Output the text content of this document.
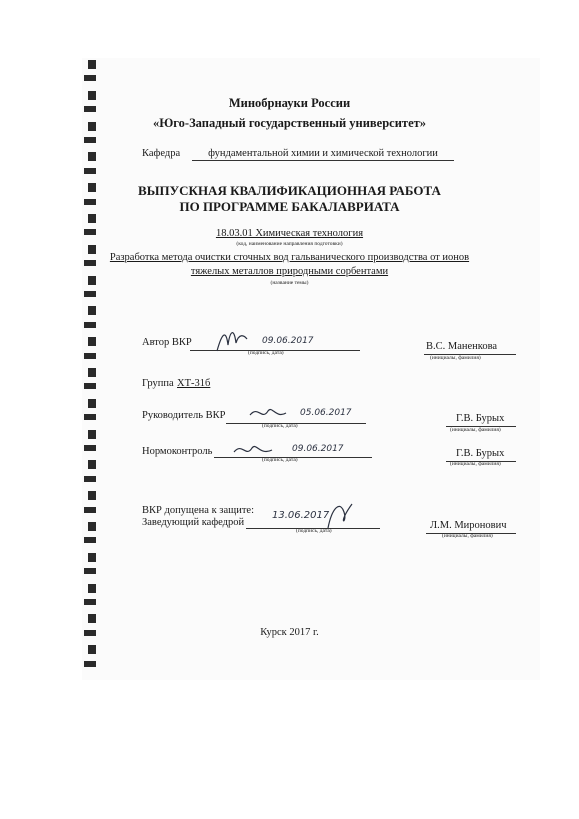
Минобрнауки России
«Юго-Западный государственный университет»
Кафедра	фундаментальной химии и химической технологии
ВЫПУСКНАЯ КВАЛИФИКАЦИОННАЯ РАБОТА
ПО ПРОГРАММЕ БАКАЛАВРИАТА
18.03.01 Химическая технология
(код, наименование направления подготовки)
Разработка метода очистки сточных вод гальванического производства от ионов
тяжелых металлов природными сорбентами
(название темы)
Автор ВКР	09.06.2017
(подпись, дата)
В.С. Маненкова
(инициалы, фамилия)
Группа ХТ-31б
Руководитель ВКР	05.06.2017
(подпись, дата)
Г.В. Бурых
(инициалы, фамилия)
Нормоконтроль	09.06.2017
(подпись, дата)
Г.В. Бурых
(инициалы, фамилия)
ВКР допущена к защите:
Заведующий кафедрой
13.06.2017
(подпись, дата)	Л.М. Миронович
(инициалы, фамилия)
Курск 2017 г.
